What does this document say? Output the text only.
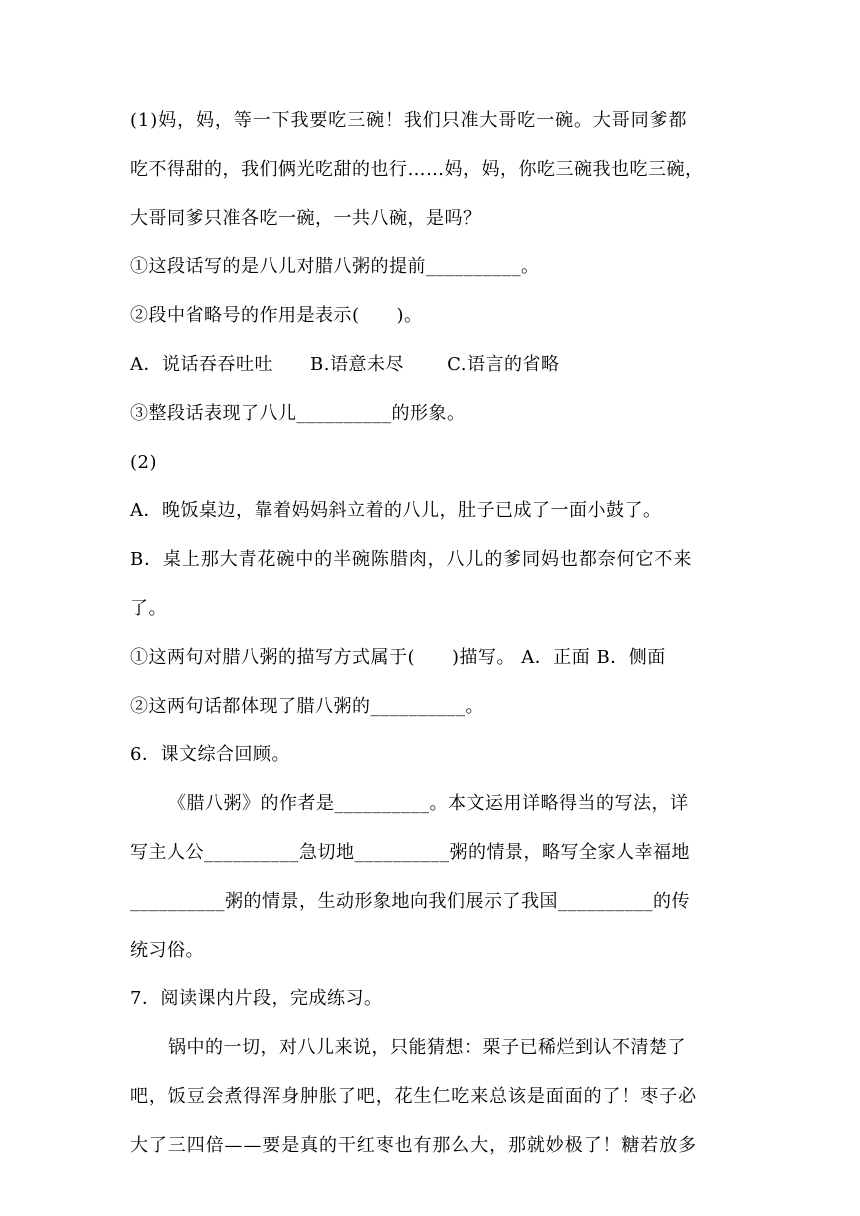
(1)妈，妈，等一下我要吃三碗！我们只准大哥吃一碗。大哥同爹都
吃不得甜的，我们俩光吃甜的也行……妈，妈，你吃三碗我也吃三碗，
大哥同爹只准各吃一碗，一共八碗，是吗？
①这段话写的是八儿对腊八粥的提前__________。
②段中省略号的作用是表示(　　)。
A．说话吞吞吐吐　　B.语意未尽　　 C.语言的省略
③整段话表现了八儿__________的形象。
(2)
A．晚饭桌边，靠着妈妈斜立着的八儿，肚子已成了一面小鼓了。
B．桌上那大青花碗中的半碗陈腊肉，八儿的爹同妈也都奈何它不来
了。
①这两句对腊八粥的描写方式属于(　　)描写。 A．正面 B．侧面
②这两句话都体现了腊八粥的__________。
6．课文综合回顾。
《腊八粥》的作者是__________。本文运用详略得当的写法，详
写主人公__________急切地__________粥的情景，略写全家人幸福地
__________粥的情景，生动形象地向我们展示了我国__________的传
统习俗。
7．阅读课内片段，完成练习。
锅中的一切，对八儿来说，只能猜想：栗子已稀烂到认不清楚了
吧，饭豆会煮得浑身肿胀了吧，花生仁吃来总该是面面的了！枣子必
大了三四倍——要是真的干红枣也有那么大，那就妙极了！糖若放多
